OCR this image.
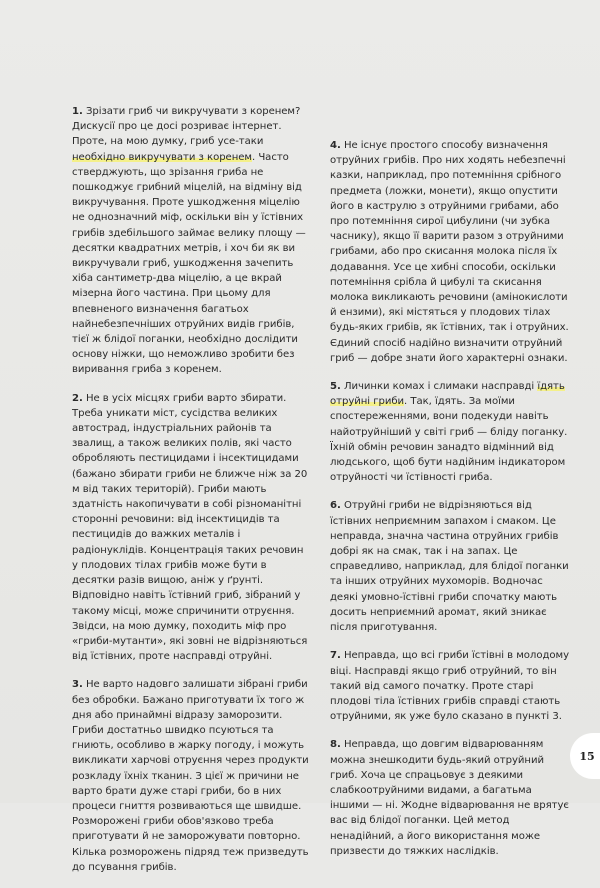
1. Зрізати гриб чи викручувати з коренем? Дискусії про це досі розриває інтернет. Проте, на мою думку, гриб усе-таки необхідно викручувати з коренем. Часто стверджують, що зрізання гриба не пошкоджує грибний міцелій, на відміну від викручування. Проте ушкодження міцелію не однозначний міф, оскільки він у їстівних грибів здебільшого займає велику площу — десятки квадратних метрів, і хоч би як ви викручували гриб, ушкодження зачепить хіба сантиметр-два міцелію, а це вкрай мізерна його частина. При цьому для впевненого визначення багатьох найнебезпечніших отруйних видів грибів, тієї ж блідої поганки, необхідно дослідити основу ніжки, що неможливо зробити без виривання гриба з коренем.

2. Не в усіх місцях гриби варто збирати. Треба уникати міст, сусідства великих автострад, індустріальних районів та звалищ, а також великих полів, які часто обробляють пестицидами і інсектицидами (бажано збирати гриби не ближче ніж за 20 м від таких територій). Гриби мають здатність накопичувати в собі різноманітні сторонні речовини: від інсектицидів та пестицидів до важких металів і радіонуклідів. Концентрація таких речовин у плодових тілах грибів може бути в десятки разів вищою, аніж у ґрунті. Відповідно навіть їстівний гриб, зібраний у такому місці, може спричинити отруєння. Звідси, на мою думку, походить міф про «гриби-мутанти», які зовні не відрізняються від їстівних, проте насправді отруйні.

3. Не варто надовго залишати зібрані гриби без обробки. Бажано приготувати їх того ж дня або принаймні відразу заморозити. Гриби достатньо швидко псуються та гниють, особливо в жарку погоду, і можуть викликати харчові отруєння через продукти розкладу їхніх тканин. З цієї ж причини не варто брати дуже старі гриби, бо в них процеси гниття розвиваються ще швидше. Розморожені гриби обов'язково треба приготувати й не заморожувати повторно. Кілька розморожень підряд теж призведуть до псування грибів.

4. Не існує простого способу визначення отруйних грибів. Про них ходять небезпечні казки, наприклад, про потемніння срібного предмета (ложки, монети), якщо опустити його в каструлю з отруйними грибами, або про потемніння сирої цибулини (чи зубка часнику), якщо її варити разом з отруйними грибами, або про скисання молока після їх додавання. Усе це хибні способи, оскільки потемніння срібла й цибулі та скисання молока викликають речовини (амінокислоти й ензими), які містяться у плодових тілах будь-яких грибів, як їстівних, так і отруйних. Єдиний спосіб надійно визначити отруйний гриб — добре знати його характерні ознаки.

5. Личинки комах і слимаки насправді їдять отруйні гриби. Так, їдять. За моїми спостереженнями, вони подекуди навіть найотруйніший у світі гриб — бліду поганку. Їхній обмін речовин занадто відмінний від людського, щоб бути надійним індикатором отруйності чи їстівності гриба.

6. Отруйні гриби не відрізняються від їстівних неприємним запахом і смаком. Це неправда, значна частина отруйних грибів добрі як на смак, так і на запах. Це справедливо, наприклад, для блідої поганки та інших отруйних мухоморів. Водночас деякі умовно-їстівні гриби спочатку мають досить неприємний аромат, який зникає після приготування.

7. Неправда, що всі гриби їстівні в молодому віці. Насправді якщо гриб отруйний, то він такий від самого початку. Проте старі плодові тіла їстівних грибів справді стають отруйними, як уже було сказано в пункті 3.

8. Неправда, що довгим відварюванням можна знешкодити будь-який отруйний гриб. Хоча це спрацьовує з деякими слабкоотруйними видами, а багатьма іншими — ні. Жодне відварювання не врятує вас від блідої поганки. Цей метод ненадійний, а його використання може призвести до тяжких наслідків.

15
